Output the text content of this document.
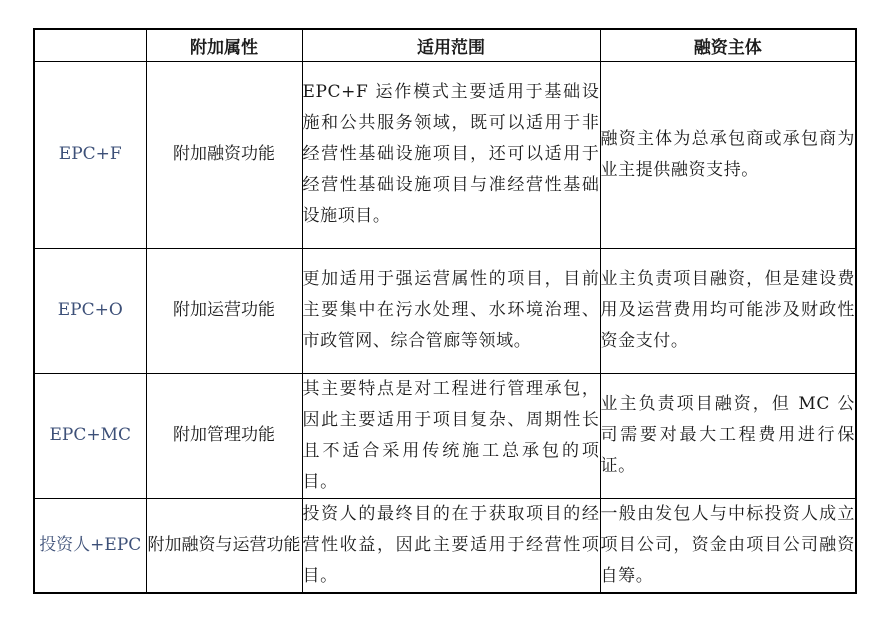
	附加属性	适用范围	融资主体
EPC+F	附加融资功能	EPC+F 运作模式主要适用于基础设施和公共服务领域，既可以适用于非经营性基础设施项目，还可以适用于经营性基础设施项目与准经营性基础设施项目。	融资主体为总承包商或承包商为业主提供融资支持。

EPC+O	附加运营功能	更加适用于强运营属性的项目，目前主要集中在污水处理、水环境治理、市政管网、综合管廊等领域。	业主负责项目融资，但是建设费用及运营费用均可能涉及财政性资金支付。

EPC+MC	附加管理功能	其主要特点是对工程进行管理承包，因此主要适用于项目复杂、周期性长且不适合采用传统施工总承包的项目。	业主负责项目融资，但 MC 公司需要对最大工程费用进行保证。

投资人+EPC	附加融资与运营功能	投资人的最终目的在于获取项目的经营性收益，因此主要适用于经营性项目。	一般由发包人与中标投资人成立项目公司，资金由项目公司融资自筹。
